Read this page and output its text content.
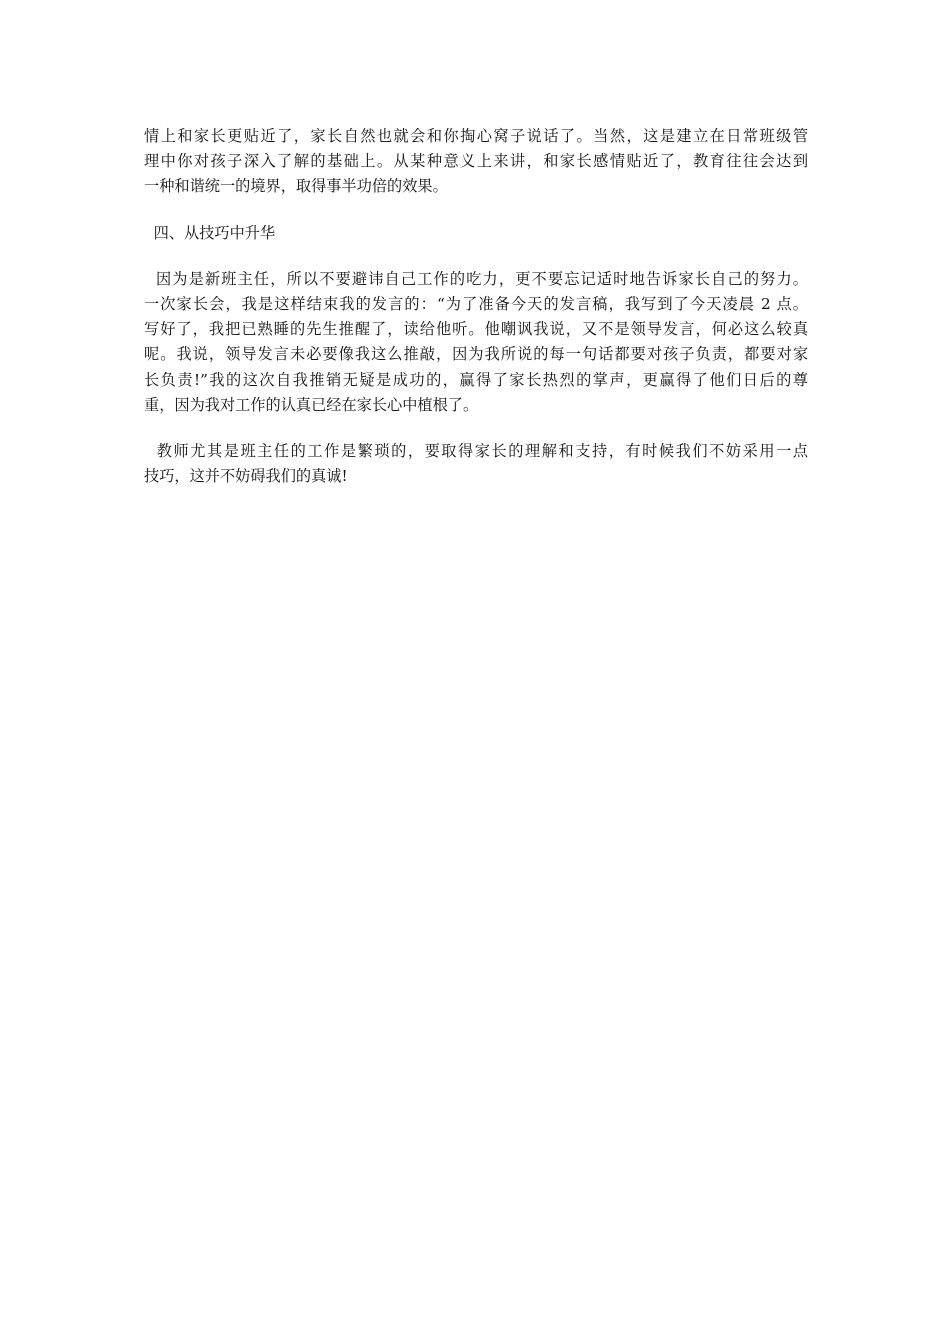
情上和家长更贴近了，家长自然也就会和你掏心窝子说话了。当然，这是建立在日常班级管
理中你对孩子深入了解的基础上。从某种意义上来讲，和家长感情贴近了，教育往往会达到
一种和谐统一的境界，取得事半功倍的效果。
四、从技巧中升华
因为是新班主任，所以不要避讳自己工作的吃力，更不要忘记适时地告诉家长自己的努力。
一次家长会，我是这样结束我的发言的：“为了准备今天的发言稿，我写到了今天凌晨 2 点。
写好了，我把已熟睡的先生推醒了，读给他听。他嘲讽我说，又不是领导发言，何必这么较真
呢。我说，领导发言未必要像我这么推敲，因为我所说的每一句话都要对孩子负责，都要对家
长负责!”我的这次自我推销无疑是成功的，赢得了家长热烈的掌声，更赢得了他们日后的尊
重，因为我对工作的认真已经在家长心中植根了。
教师尤其是班主任的工作是繁琐的，要取得家长的理解和支持，有时候我们不妨采用一点
技巧，这并不妨碍我们的真诚!
